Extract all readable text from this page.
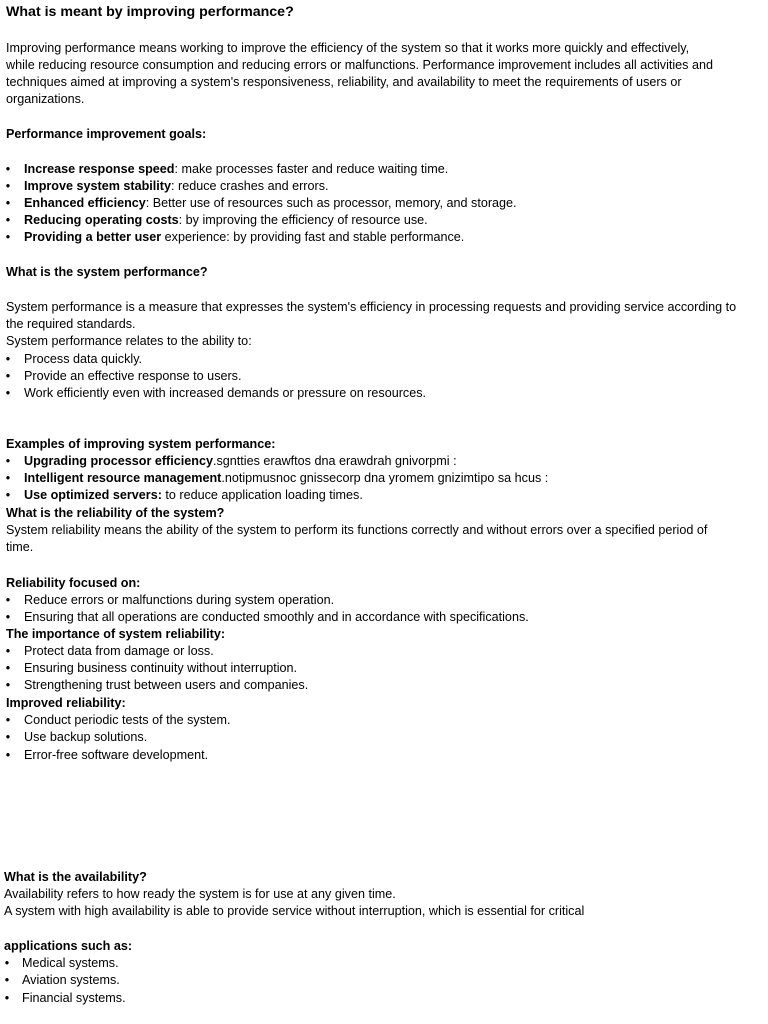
What is meant by improving performance?
Improving performance means working to improve the efficiency of the system so that it works more quickly and effectively,
while reducing resource consumption and reducing errors or malfunctions. Performance improvement includes all activities and
techniques aimed at improving a system's responsiveness, reliability, and availability to meet the requirements of users or
organizations.
Performance improvement goals:
• Increase response speed: make processes faster and reduce waiting time.
• Improve system stability: reduce crashes and errors.
• Enhanced efficiency: Better use of resources such as processor, memory, and storage.
• Reducing operating costs: by improving the efficiency of resource use.
• Providing a better user experience: by providing fast and stable performance.
What is the system performance?
System performance is a measure that expresses the system's efficiency in processing requests and providing service according to
the required standards.
System performance relates to the ability to:
• Process data quickly.
• Provide an effective response to users.
• Work efficiently even with increased demands or pressure on resources.
Examples of improving system performance:
• Upgrading processor efficiency.sgntties erawftos dna erawdrah gnivorpmi :
• Intelligent resource management.notipmusnoc gnissecorp dna yromem gnizimtipo sa hcus :
• Use optimized servers: to reduce application loading times.
What is the reliability of the system?
System reliability means the ability of the system to perform its functions correctly and without errors over a specified period of
time.
Reliability focused on:
• Reduce errors or malfunctions during system operation.
• Ensuring that all operations are conducted smoothly and in accordance with specifications.
The importance of system reliability:
• Protect data from damage or loss.
• Ensuring business continuity without interruption.
• Strengthening trust between users and companies.
Improved reliability:
• Conduct periodic tests of the system.
• Use backup solutions.
• Error-free software development.
What is the availability?
Availability refers to how ready the system is for use at any given time.
A system with high availability is able to provide service without interruption, which is essential for critical
applications such as:
• Medical systems.
• Aviation systems.
• Financial systems.
